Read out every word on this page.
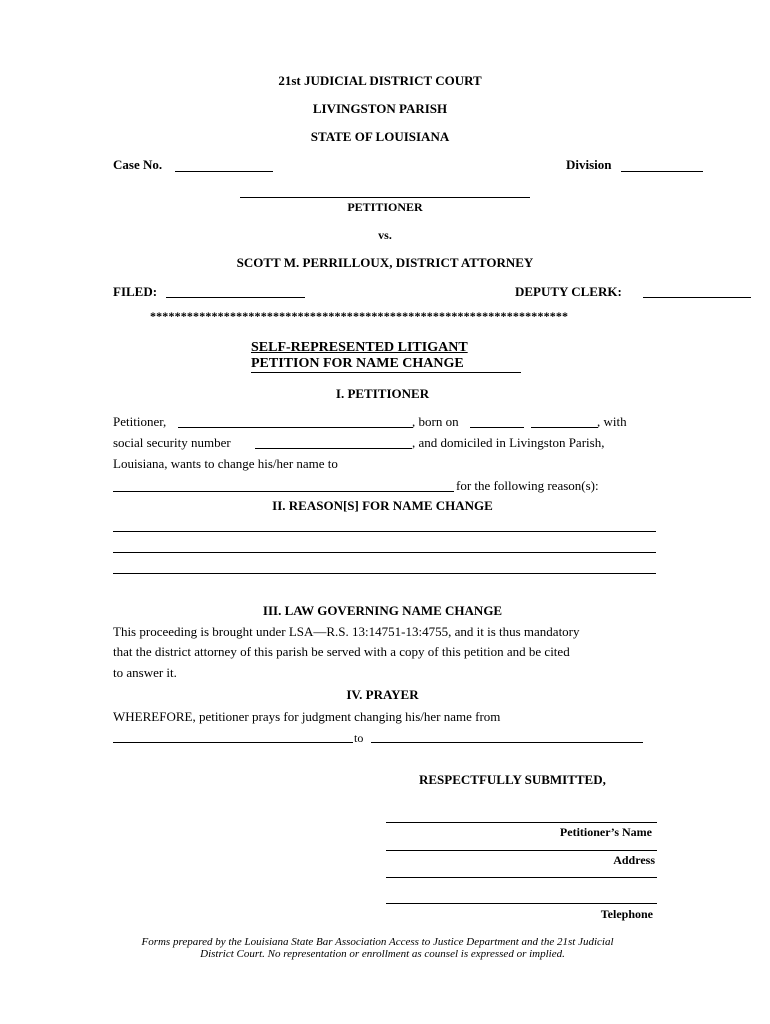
21st JUDICIAL DISTRICT COURT
LIVINGSTON PARISH
STATE OF LOUISIANA
Case No.	Division
PETITIONER
vs.
SCOTT M. PERRILLOUX, DISTRICT ATTORNEY
FILED:	DEPUTY CLERK:
********************************************************************
SELF-REPRESENTED LITIGANT
PETITION FOR NAME CHANGE
I. PETITIONER
Petitioner,	, born on	, with
social security number	, and domiciled in Livingston Parish,
Louisiana, wants to change his/her name to
for the following reason(s):
II. REASON[S] FOR NAME CHANGE
III. LAW GOVERNING NAME CHANGE
This proceeding is brought under LSA—R.S. 13:14751-13:4755, and it is thus mandatory
that the district attorney of this parish be served with a copy of this petition and be cited
to answer it.
IV. PRAYER
WHEREFORE, petitioner prays for judgment changing his/her name from
to
RESPECTFULLY SUBMITTED,
Petitioner’s Name
Address
Telephone
Forms prepared by the Louisiana State Bar Association Access to Justice Department and the 21st Judicial
District Court. No representation or enrollment as counsel is expressed or implied.
